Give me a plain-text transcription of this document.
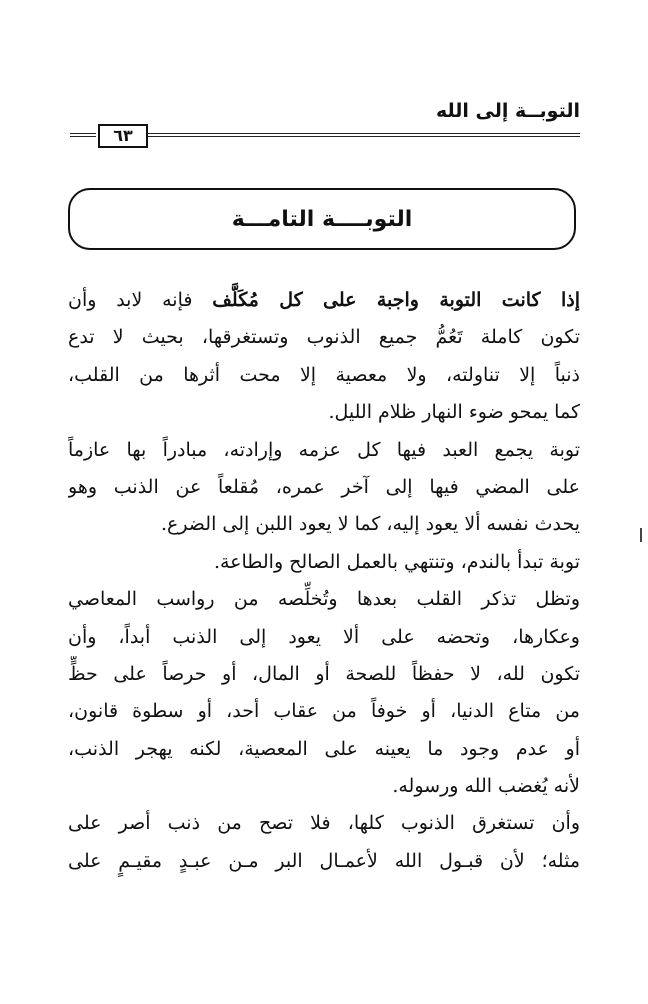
التوبــة إلى الله
٦٣
التوبــــة التامـــة
إذا كانت التوبة واجبة على كل مُكَلَّف فإنه لابد وأن
تكون كاملة تَعُمُّ جميع الذنوب وتستغرقها، بحيث لا تدع
ذنباً إلا تناولته، ولا معصية إلا محت أثرها من القلب،
كما يمحو ضوء النهار ظلام الليل.
توبة يجمع العبد فيها كل عزمه وإرادته، مبادراً بها عازماً
على المضي فيها إلى آخر عمره، مُقلعاً عن الذنب وهو
يحدث نفسه ألا يعود إليه، كما لا يعود اللبن إلى الضرع.
توبة تبدأ بالندم، وتنتهي بالعمل الصالح والطاعة.
وتظل تذكر القلب بعدها وتُخلِّصه من رواسب المعاصي
وعكارها، وتحضه على ألا يعود إلى الذنب أبداً، وأن
تكون لله، لا حفظاً للصحة أو المال، أو حرصاً على حظٍّ
من متاع الدنيا، أو خوفاً من عقاب أحد، أو سطوة قانون،
أو عدم وجود ما يعينه على المعصية، لكنه يهجر الذنب،
لأنه يُغضب الله ورسوله.
وأن تستغرق الذنوب كلها، فلا تصح من ذنب أصر على
مثله؛ لأن قبـول الله لأعمـال البر مـن عبـدٍ مقيـمٍ على
